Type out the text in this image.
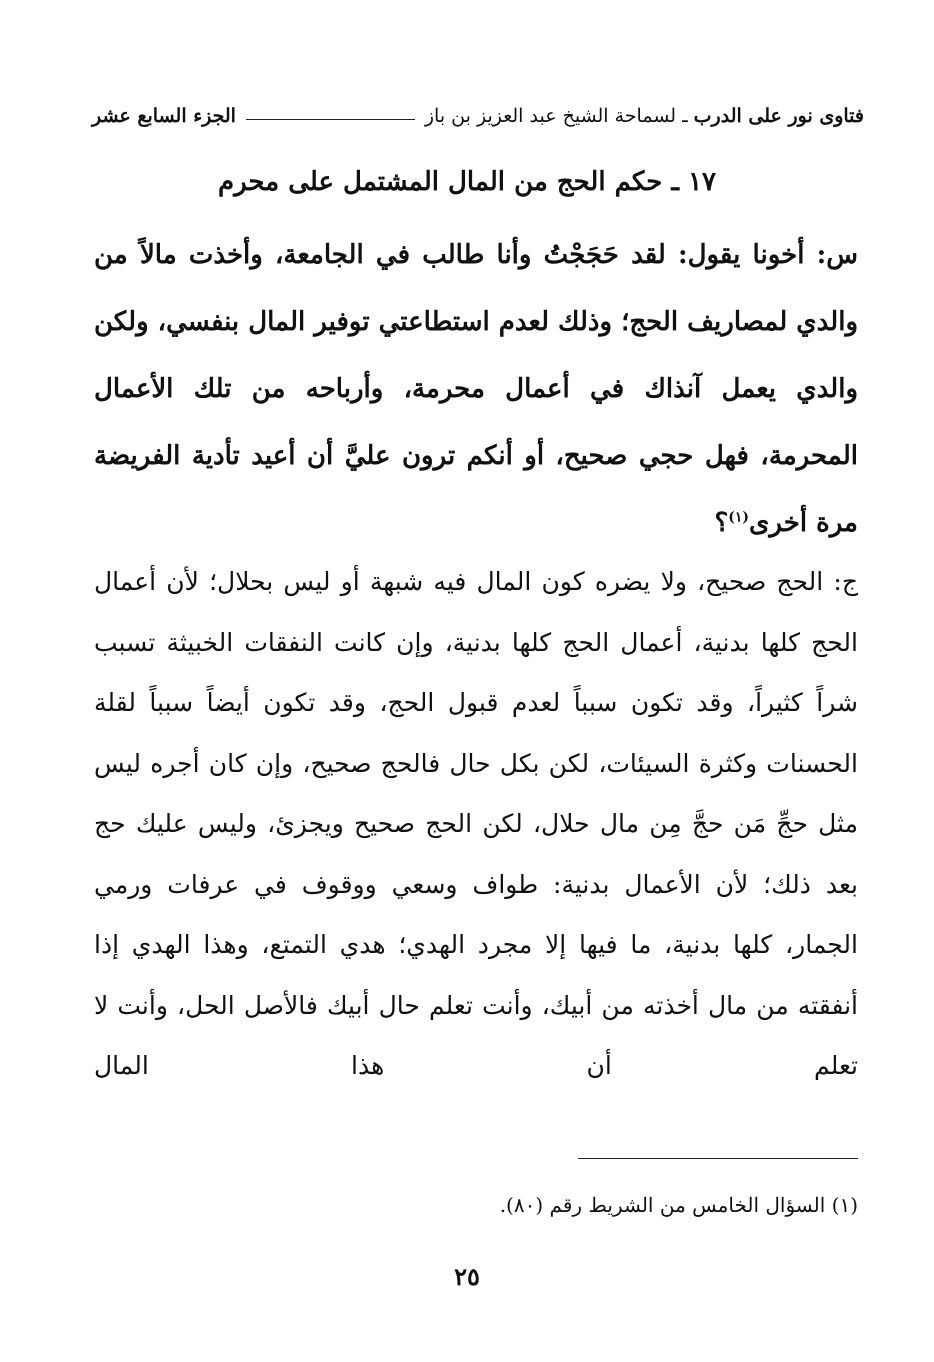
فتاوى نور على الدرب
ـ
لسماحة الشيخ عبد العزيز بن باز
الجزء السابع عشر
١٧ ـ حكم الحج من المال المشتمل على محرم
س: أخونا يقول: لقد حَجَجْتُ وأنا طالب في الجامعة، وأخذت مالاً من والدي لمصاريف الحج؛ وذلك لعدم استطاعتي توفير المال بنفسي، ولكن والدي يعمل آنذاك في أعمال محرمة، وأرباحه من تلك الأعمال المحرمة، فهل حجي صحيح، أو أنكم ترون عليَّ أن أعيد تأدية الفريضة مرة أخرى$^{(١)}$؟
ج: الحج صحيح، ولا يضره كون المال فيه شبهة أو ليس بحلال؛ لأن أعمال الحج كلها بدنية، أعمال الحج كلها بدنية، وإن كانت النفقات الخبيثة تسبب شراً كثيراً، وقد تكون سبباً لعدم قبول الحج، وقد تكون أيضاً سبباً لقلة الحسنات وكثرة السيئات، لكن بكل حال فالحج صحيح، وإن كان أجره ليس مثل حجِّ مَن حجَّ مِن مال حلال، لكن الحج صحيح ويجزئ، وليس عليك حج بعد ذلك؛ لأن الأعمال بدنية: طواف وسعي ووقوف في عرفات ورمي الجمار، كلها بدنية، ما فيها إلا مجرد الهدي؛ هدي التمتع، وهذا الهدي إذا أنفقته من مال أخذته من أبيك، وأنت تعلم حال أبيك فالأصل الحل، وأنت لا تعلم أن هذا المال
(١) السؤال الخامس من الشريط رقم (٨٠).
٢٥
